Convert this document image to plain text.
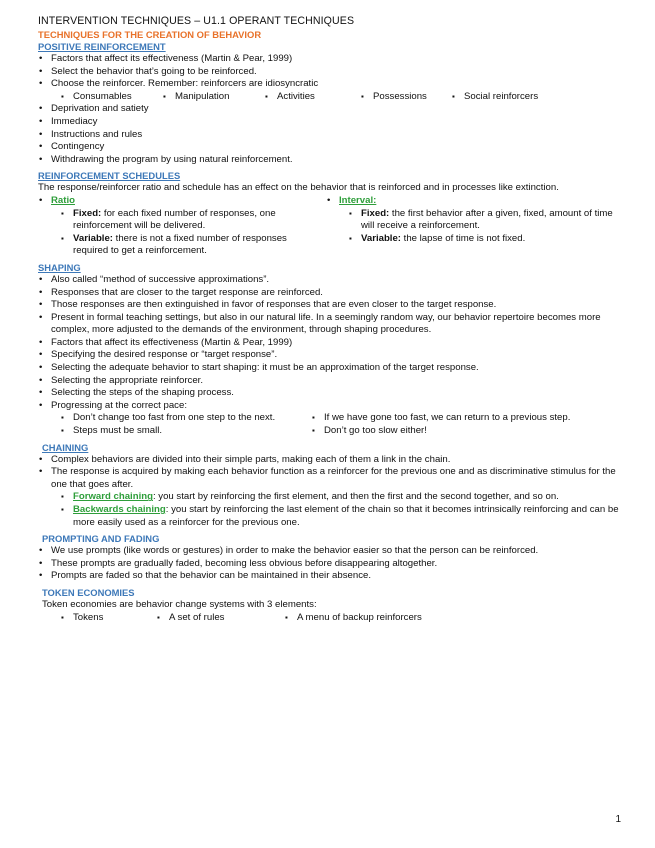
INTERVENTION TECHNIQUES – U1.1 OPERANT TECHNIQUES
TECHNIQUES FOR THE CREATION OF BEHAVIOR
POSITIVE REINFORCEMENT
• Factors that affect its effectiveness (Martin & Pear, 1999)
• Select the behavior that’s going to be reinforced.
• Choose the reinforcer. Remember: reinforcers are idiosyncratic
▪ Consumables	▪ Manipulation	▪ Activities	▪ Possessions	▪ Social reinforcers
• Deprivation and satiety
• Immediacy
• Instructions and rules
• Contingency
• Withdrawing the program by using natural reinforcement.
REINFORCEMENT SCHEDULES
The response/reinforcer ratio and schedule has an effect on the behavior that is reinforced and in processes like extinction.
• Ratio
▪ Fixed: for each fixed number of responses, one reinforcement will be delivered.
▪ Variable: there is not a fixed number of responses required to get a reinforcement.
• Interval:
▪ Fixed: the first behavior after a given, fixed, amount of time will receive a reinforcement.
▪ Variable: the lapse of time is not fixed.
SHAPING
• Also called “method of successive approximations”.
• Responses that are closer to the target response are reinforced.
• Those responses are then extinguished in favor of responses that are even closer to the target response.
• Present in formal teaching settings, but also in our natural life. In a seemingly random way, our behavior repertoire becomes more complex, more adjusted to the demands of the environment, through shaping procedures.
• Factors that affect its effectiveness (Martin & Pear, 1999)
• Specifying the desired response or “target response”.
• Selecting the adequate behavior to start shaping: it must be an approximation of the target response.
• Selecting the appropriate reinforcer.
• Selecting the steps of the shaping process.
• Progressing at the correct pace:
▪ Don’t change too fast from one step to the next.
▪ Steps must be small.
▪ If we have gone too fast, we can return to a previous step.
▪ Don’t go too slow either!
CHAINING
• Complex behaviors are divided into their simple parts, making each of them a link in the chain.
• The response is acquired by making each behavior function as a reinforcer for the previous one and as discriminative stimulus for the one that goes after.
▪ Forward chaining: you start by reinforcing the first element, and then the first and the second together, and so on.
▪ Backwards chaining: you start by reinforcing the last element of the chain so that it becomes intrinsically reinforcing and can be more easily used as a reinforcer for the previous one.
PROMPTING AND FADING
• We use prompts (like words or gestures) in order to make the behavior easier so that the person can be reinforced.
• These prompts are gradually faded, becoming less obvious before disappearing altogether.
• Prompts are faded so that the behavior can be maintained in their absence.
TOKEN ECONOMIES
Token economies are behavior change systems with 3 elements:
▪ Tokens	▪ A set of rules	▪ A menu of backup reinforcers
1
